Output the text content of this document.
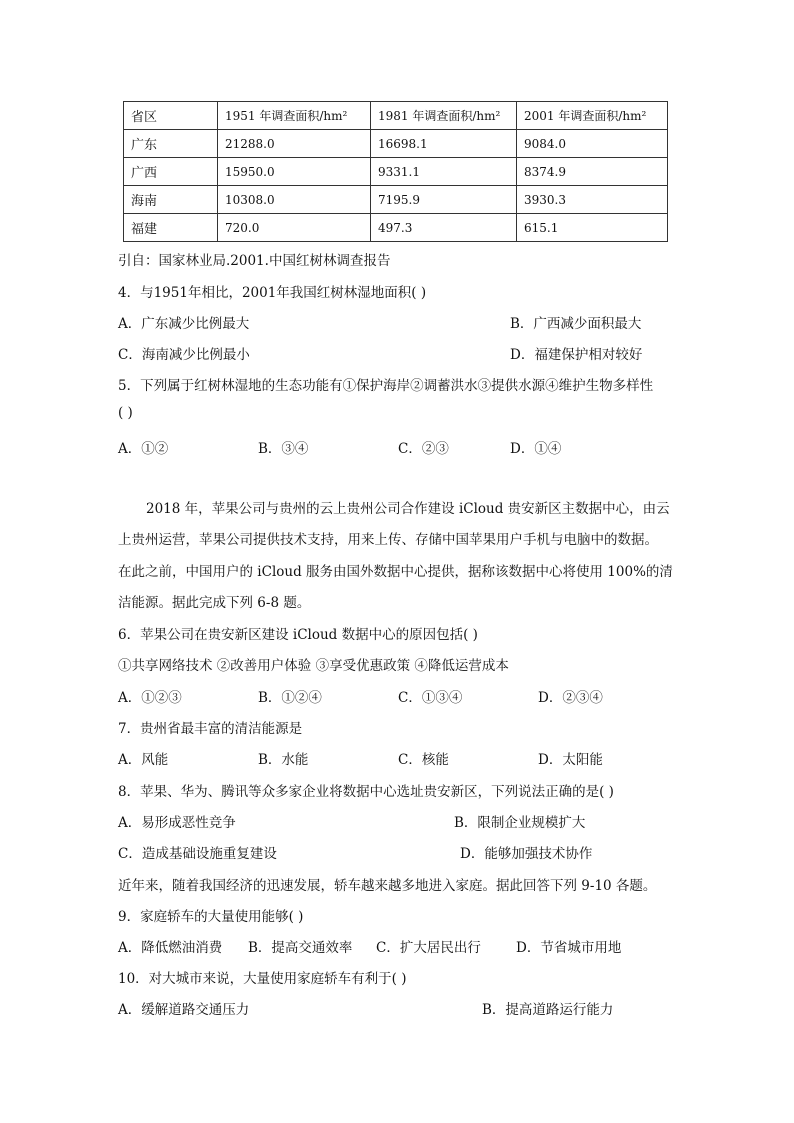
省区	1951 年调查面积/hm²	1981 年调查面积/hm²	2001 年调查面积/hm²
广东	21288.0	16698.1	9084.0
广西	15950.0	9331.1	8374.9
海南	10308.0	7195.9	3930.3
福建	720.0	497.3	615.1
引自：国家林业局.2001.中国红树林调查报告
4．与1951年相比，2001年我国红树林湿地面积( )
A．广东减少比例最大	B．广西减少面积最大
C．海南减少比例最小	D．福建保护相对较好
5．下列属于红树林湿地的生态功能有①保护海岸②调蓄洪水③提供水源④维护生物多样性
( )
A．①②	B．③④	C．②③	D．①④
2018 年，苹果公司与贵州的云上贵州公司合作建设 iCloud 贵安新区主数据中心，由云
上贵州运营，苹果公司提供技术支持，用来上传、存储中国苹果用户手机与电脑中的数据。
在此之前，中国用户的 iCloud 服务由国外数据中心提供，据称该数据中心将使用 100%的清
洁能源。据此完成下列 6-8 题。
6．苹果公司在贵安新区建设 iCloud 数据中心的原因包括( )
①共享网络技术 ②改善用户体验 ③享受优惠政策 ④降低运营成本
A．①②③	B．①②④	C．①③④	D．②③④
7．贵州省最丰富的清洁能源是
A．风能	B．水能	C．核能	D．太阳能
8．苹果、华为、腾讯等众多家企业将数据中心选址贵安新区，下列说法正确的是( )
A．易形成恶性竞争	B．限制企业规模扩大
C．造成基础设施重复建设	D．能够加强技术协作
近年来，随着我国经济的迅速发展，轿车越来越多地进入家庭。据此回答下列 9-10 各题。
9．家庭轿车的大量使用能够( )
A．降低燃油消费 B．提高交通效率 C．扩大居民出行	D．节省城市用地
10．对大城市来说，大量使用家庭轿车有利于( )
A．缓解道路交通压力	B．提高道路运行能力
